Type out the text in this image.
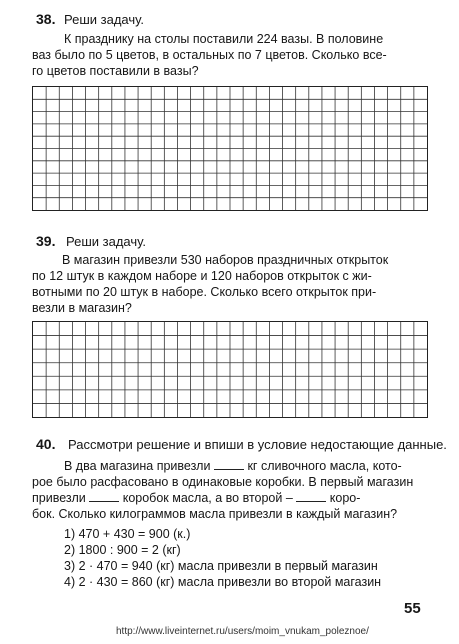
38. Реши задачу.
К празднику на столы поставили 224 вазы. В половине
ваз было по 5 цветов, в остальных по 7 цветов. Сколько все-
го цветов поставили в вазы?
39. Реши задачу.
В магазин привезли 530 наборов праздничных открыток
по 12 штук в каждом наборе и 120 наборов открыток с жи-
вотными по 20 штук в наборе. Сколько всего открыток при-
везли в магазин?
40. Рассмотри решение и впиши в условие недостающие данные.
В два магазина привезли	кг сливочного масла, кото-
рое было расфасовано в одинаковые коробки. В первый магазин
привезли	коробок масла, а во второй –	коро-
бок. Сколько килограммов масла привезли в каждый магазин?
1) 470 + 430 = 900 (к.)
2) 1800 : 900 = 2 (кг)
3) 2 · 470 = 940 (кг) масла привезли в первый магазин
4) 2 · 430 = 860 (кг) масла привезли во второй магазин
55
http://www.liveinternet.ru/users/moim_vnukam_poleznoe/
